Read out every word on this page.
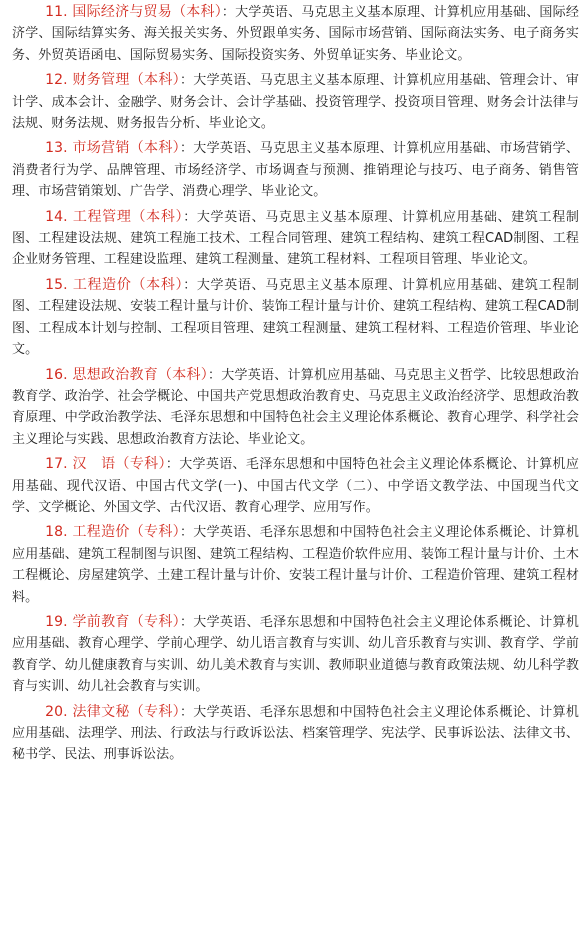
11. 国际经济与贸易（本科）：大学英语、马克思主义基本原理、计算机应用基础、国际经济学、国际结算实务、海关报关实务、外贸跟单实务、国际市场营销、国际商法实务、电子商务实务、外贸英语函电、国际贸易实务、国际投资实务、外贸单证实务、毕业论文。

12. 财务管理（本科）：大学英语、马克思主义基本原理、计算机应用基础、管理会计、审计学、成本会计、金融学、财务会计、会计学基础、投资管理学、投资项目管理、财务会计法律与法规、财务法规、财务报告分析、毕业论文。

13. 市场营销（本科）：大学英语、马克思主义基本原理、计算机应用基础、市场营销学、消费者行为学、品牌管理、市场经济学、市场调查与预测、推销理论与技巧、电子商务、销售管理、市场营销策划、广告学、消费心理学、毕业论文。

14. 工程管理（本科）：大学英语、马克思主义基本原理、计算机应用基础、建筑工程制图、工程建设法规、建筑工程施工技术、工程合同管理、建筑工程结构、建筑工程CAD制图、工程企业财务管理、工程建设监理、建筑工程测量、建筑工程材料、工程项目管理、毕业论文。

15. 工程造价（本科）：大学英语、马克思主义基本原理、计算机应用基础、建筑工程制图、工程建设法规、安装工程计量与计价、装饰工程计量与计价、建筑工程结构、建筑工程CAD制图、工程成本计划与控制、工程项目管理、建筑工程测量、建筑工程材料、工程造价管理、毕业论文。

16. 思想政治教育（本科）：大学英语、计算机应用基础、马克思主义哲学、比较思想政治教育学、政治学、社会学概论、中国共产党思想政治教育史、马克思主义政治经济学、思想政治教育原理、中学政治教学法、毛泽东思想和中国特色社会主义理论体系概论、教育心理学、科学社会主义理论与实践、思想政治教育方法论、毕业论文。

17. 汉　语（专科）：大学英语、毛泽东思想和中国特色社会主义理论体系概论、计算机应用基础、现代汉语、中国古代文学(一)、中国古代文学（二）、中学语文教学法、中国现当代文学、文学概论、外国文学、古代汉语、教育心理学、应用写作。

18. 工程造价（专科）：大学英语、毛泽东思想和中国特色社会主义理论体系概论、计算机应用基础、建筑工程制图与识图、建筑工程结构、工程造价软件应用、装饰工程计量与计价、土木工程概论、房屋建筑学、土建工程计量与计价、安装工程计量与计价、工程造价管理、建筑工程材料。

19. 学前教育（专科）：大学英语、毛泽东思想和中国特色社会主义理论体系概论、计算机应用基础、教育心理学、学前心理学、幼儿语言教育与实训、幼儿音乐教育与实训、教育学、学前教育学、幼儿健康教育与实训、幼儿美术教育与实训、教师职业道德与教育政策法规、幼儿科学教育与实训、幼儿社会教育与实训。

20. 法律文秘（专科）：大学英语、毛泽东思想和中国特色社会主义理论体系概论、计算机应用基础、法理学、刑法、行政法与行政诉讼法、档案管理学、宪法学、民事诉讼法、法律文书、秘书学、民法、刑事诉讼法。
